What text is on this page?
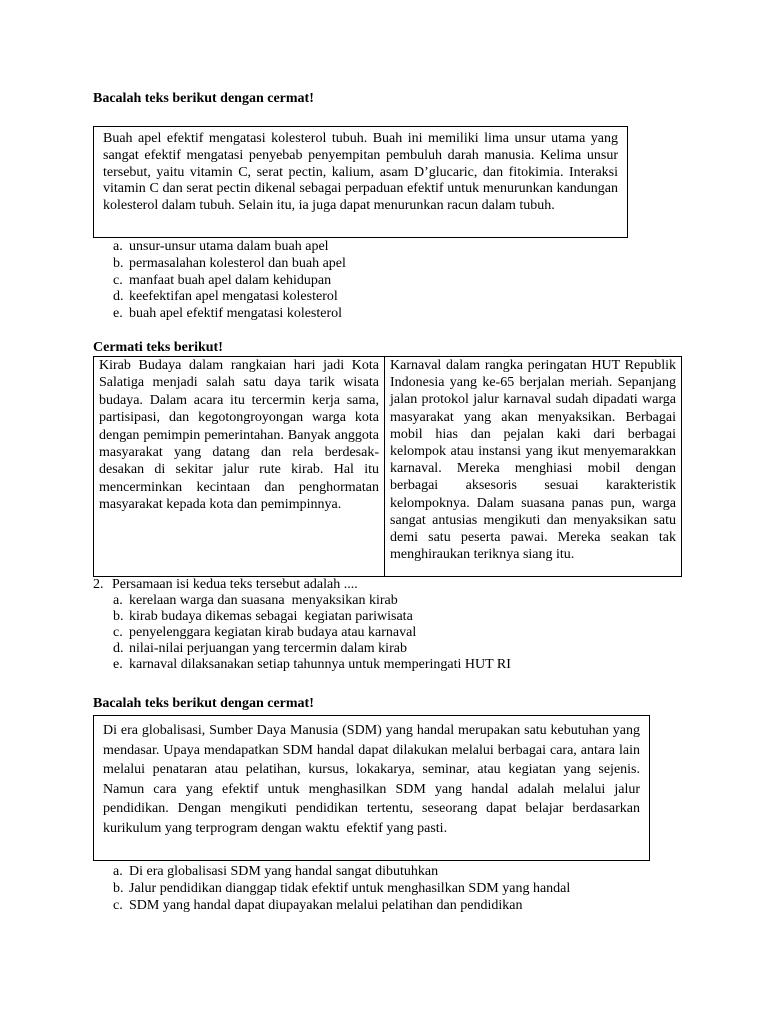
Bacalah teks berikut dengan cermat!

Buah apel efektif mengatasi kolesterol tubuh. Buah ini memiliki lima unsur utama yang sangat efektif mengatasi penyebab penyempitan pembuluh darah manusia. Kelima unsur tersebut, yaitu vitamin C, serat pectin, kalium, asam D’glucaric, dan fitokimia. Interaksi vitamin C dan serat pectin dikenal sebagai perpaduan efektif untuk menurunkan kandungan kolesterol dalam tubuh. Selain itu, ia juga dapat menurunkan racun dalam tubuh.

a. unsur-unsur utama dalam buah apel
b. permasalahan kolesterol dan buah apel
c. manfaat buah apel dalam kehidupan
d. keefektifan apel mengatasi kolesterol
e. buah apel efektif mengatasi kolesterol
Cermati teks berikut!

Kirab Budaya dalam rangkaian hari jadi Kota Salatiga menjadi salah satu daya tarik wisata budaya. Dalam acara itu tercermin kerja sama, partisipasi, dan kegotongroyongan warga kota dengan pemimpin pemerintahan. Banyak anggota masyarakat yang datang dan rela berdesak-desakan di sekitar jalur rute kirab. Hal itu mencerminkan kecintaan dan penghormatan masyarakat kepada kota dan pemimpinnya.

Karnaval dalam rangka peringatan HUT Republik Indonesia yang ke-65 berjalan meriah. Sepanjang jalan protokol jalur karnaval sudah dipadati warga masyarakat yang akan menyaksikan. Berbagai mobil hias dan pejalan kaki dari berbagai kelompok atau instansi yang ikut menyemarakkan karnaval. Mereka menghiasi mobil dengan berbagai aksesoris sesuai karakteristik kelompoknya. Dalam suasana panas pun, warga sangat antusias mengikuti dan menyaksikan satu demi satu peserta pawai. Mereka seakan tak menghiraukan teriknya siang itu.

2. Persamaan isi kedua teks tersebut adalah ....
a. kerelaan warga dan suasana  menyaksikan kirab
b. kirab budaya dikemas sebagai  kegiatan pariwisata
c. penyelenggara kegiatan kirab budaya atau karnaval
d. nilai-nilai perjuangan yang tercermin dalam kirab
e. karnaval dilaksanakan setiap tahunnya untuk memperingati HUT RI
Bacalah teks berikut dengan cermat!

Di era globalisasi, Sumber Daya Manusia (SDM) yang handal merupakan satu kebutuhan yang mendasar. Upaya mendapatkan SDM handal dapat dilakukan melalui berbagai cara, antara lain melalui penataran atau pelatihan, kursus, lokakarya, seminar, atau kegiatan yang sejenis. Namun cara yang efektif untuk menghasilkan SDM yang handal adalah melalui jalur pendidikan. Dengan mengikuti pendidikan tertentu, seseorang dapat belajar berdasarkan kurikulum yang terprogram dengan waktu  efektif yang pasti.

a. Di era globalisasi SDM yang handal sangat dibutuhkan
b. Jalur pendidikan dianggap tidak efektif untuk menghasilkan SDM yang handal
c. SDM yang handal dapat diupayakan melalui pelatihan dan pendidikan
